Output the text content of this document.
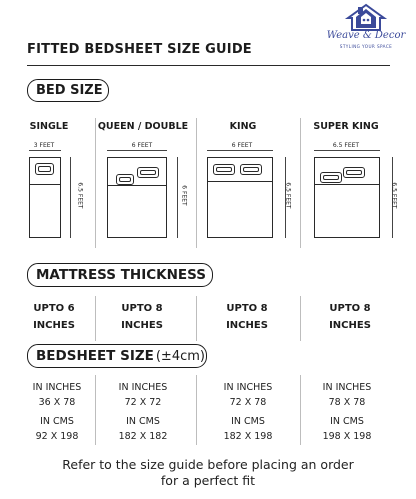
Weave & Decor
STYLING YOUR SPACE
FITTED BEDSHEET SIZE GUIDE
BED SIZE
SINGLE
3 FEET
6.5 FEET
QUEEN / DOUBLE
6 FEET
6 FEET
KING
6 FEET
6.5 FEET
SUPER KING
6.5 FEET
6.5 FEET
MATTRESS THICKNESS
UPTO 6
INCHES
UPTO 8
INCHES
UPTO 8
INCHES
UPTO 8
INCHES
BEDSHEET SIZE (±4cm)
IN INCHES
36 X 78
IN CMS
92 X 198
IN INCHES
72 X 72
IN CMS
182 X 182
IN INCHES
72 X 78
IN CMS
182 X 198
IN INCHES
78 X 78
IN CMS
198 X 198
Refer to the size guide before placing an order
for a perfect fit
